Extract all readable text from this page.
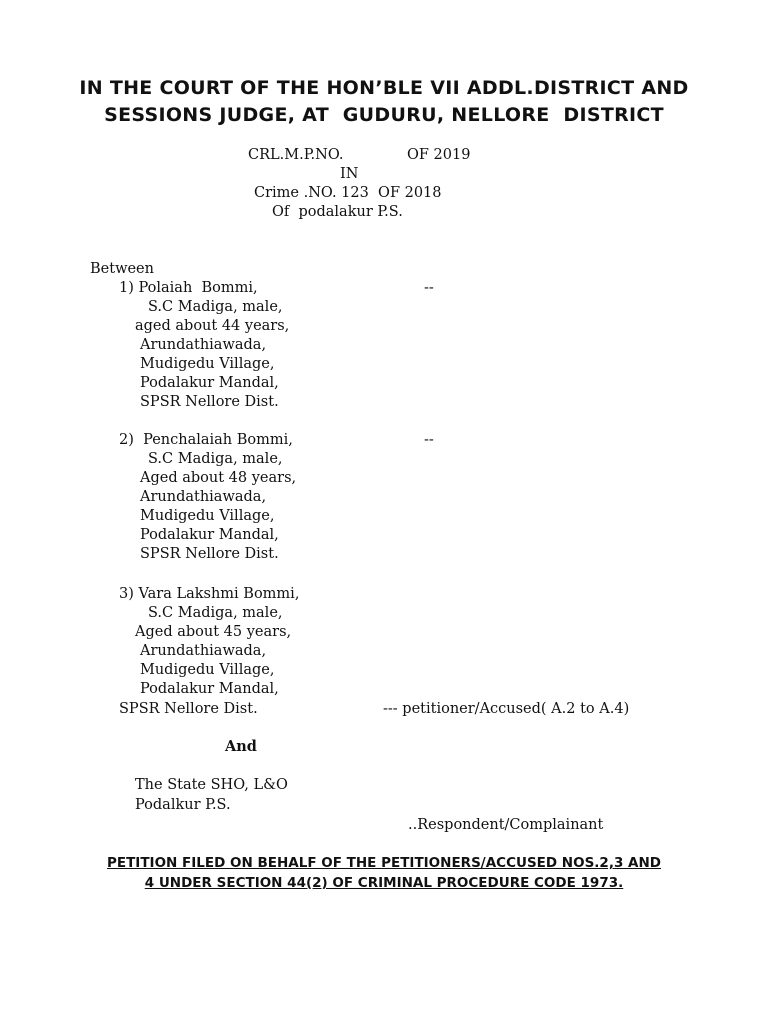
IN THE COURT OF THE HON’BLE VII ADDL.DISTRICT AND
SESSIONS JUDGE, AT  GUDURU, NELLORE  DISTRICT
CRL.M.P.NO.	OF 2019
IN
Crime .NO. 123  OF 2018
Of  podalakur P.S.
Between
1) Polaiah  Bommi,	--
S.C Madiga, male,
aged about 44 years,
Arundathiawada,
Mudigedu Village,
Podalakur Mandal,
SPSR Nellore Dist.
2)  Penchalaiah Bommi,	--
S.C Madiga, male,
Aged about 48 years,
Arundathiawada,
Mudigedu Village,
Podalakur Mandal,
SPSR Nellore Dist.
3) Vara Lakshmi Bommi,
S.C Madiga, male,
Aged about 45 years,
Arundathiawada,
Mudigedu Village,
Podalakur Mandal,
SPSR Nellore Dist.	--- petitioner/Accused( A.2 to A.4)
And
The State SHO, L&O
Podalkur P.S.
..Respondent/Complainant
PETITION FILED ON BEHALF OF THE PETITIONERS/ACCUSED NOS.2,3 AND
4 UNDER SECTION 44(2) OF CRIMINAL PROCEDURE CODE 1973.
